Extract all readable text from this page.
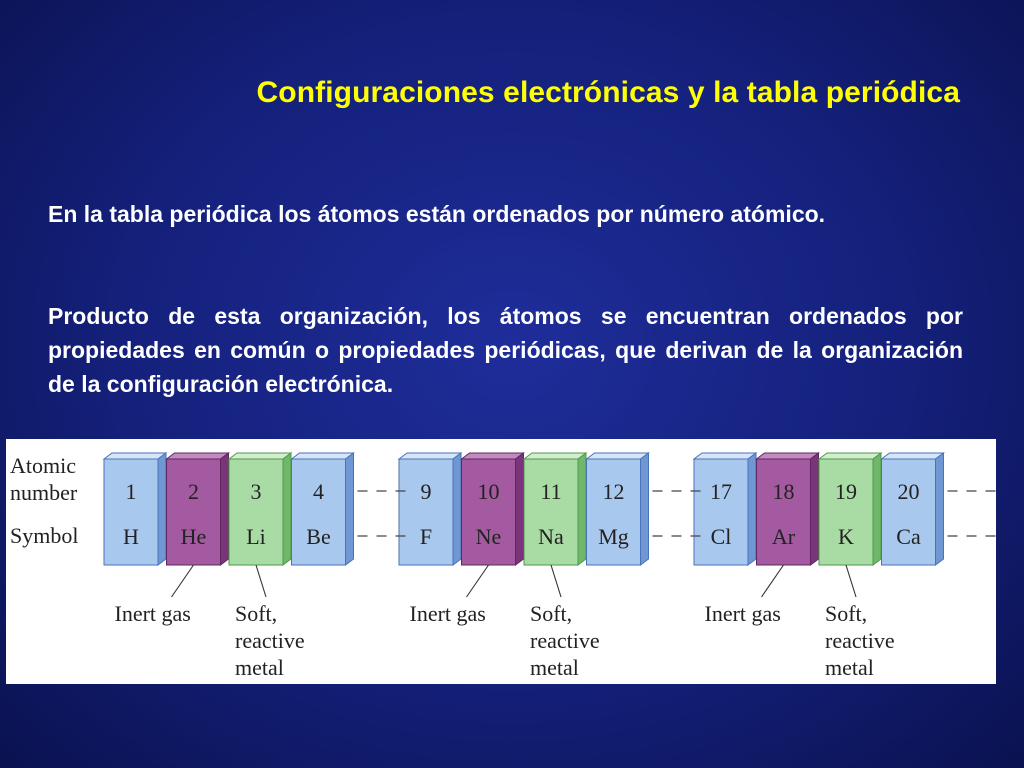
Configuraciones electrónicas y la tabla periódica

En la tabla periódica los átomos están ordenados por número atómico.

Producto de esta organización, los átomos se encuentran ordenados por propiedades en común o propiedades periódicas, que derivan de la organización de la configuración electrónica.

Atomic
number
Symbol
1
H
2
He
3
Li
4
Be
9
F
10
Ne
11
Na
12
Mg
17
Cl
18
Ar
19
K
20
Ca
Inert gas Soft,
reactive
metal
Inert gas Soft,
reactive
metal
Inert gas Soft,
reactive
metal
